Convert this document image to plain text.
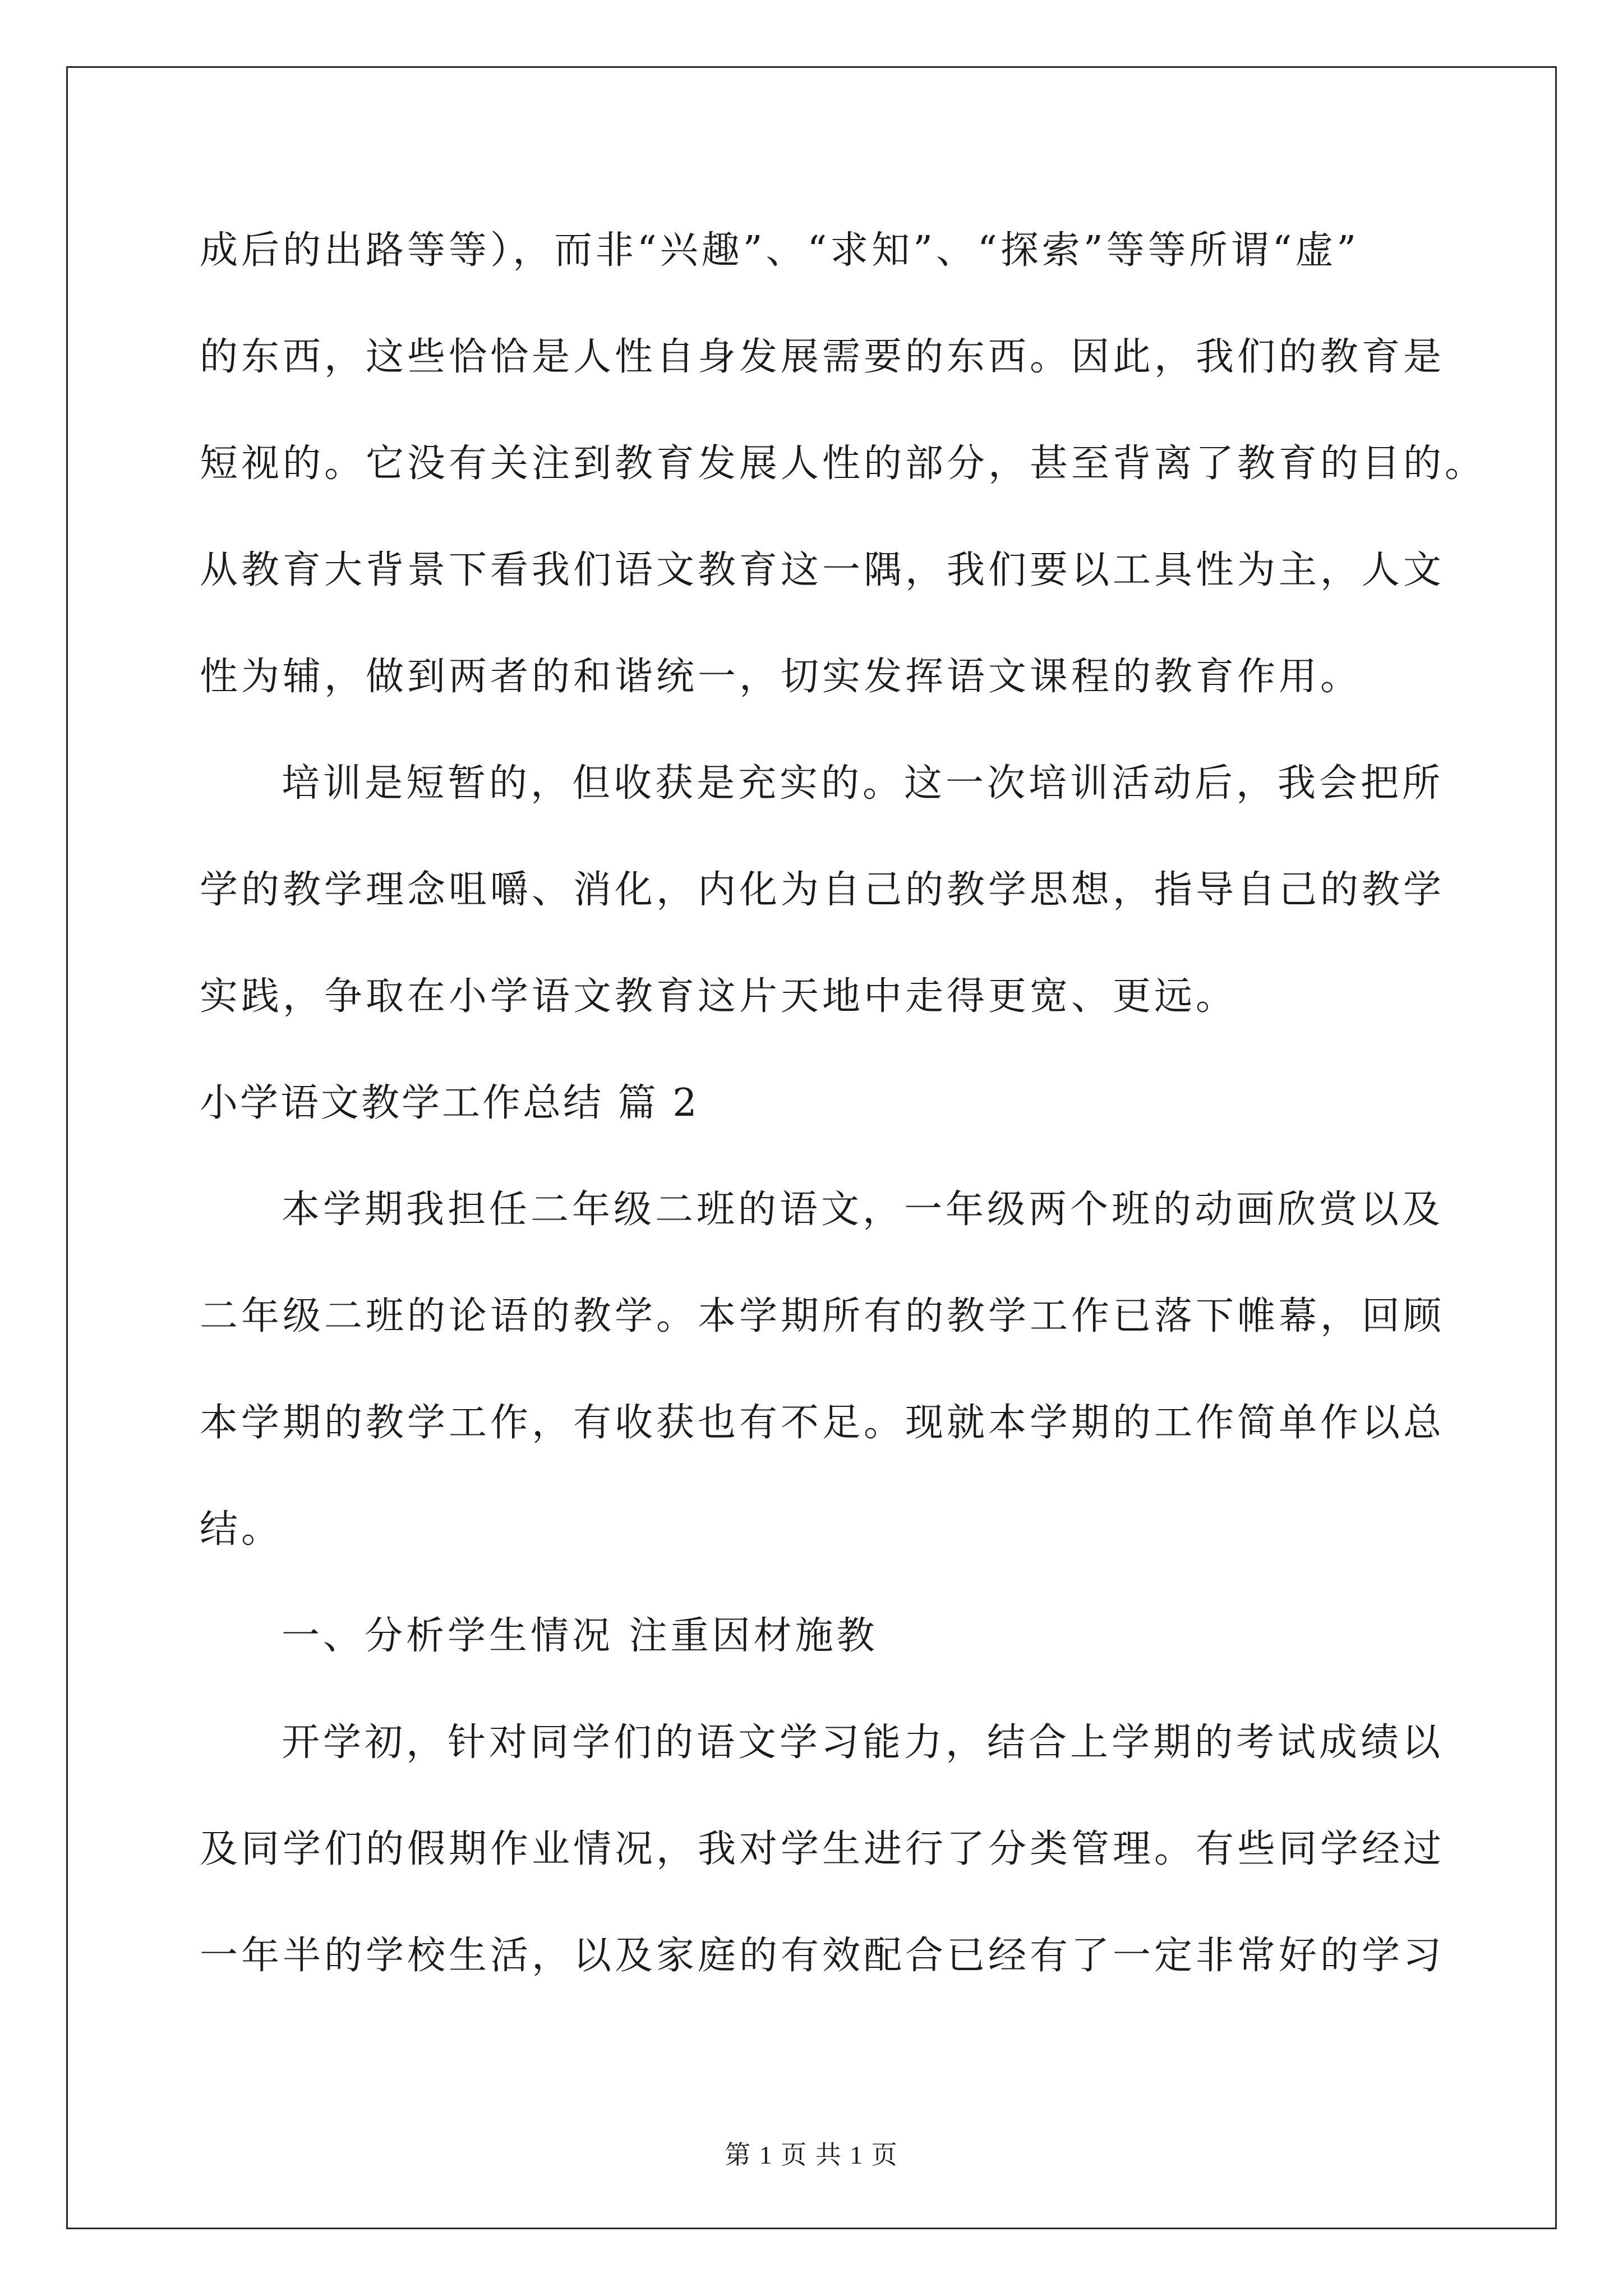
成后的出路等等），而非“兴趣”、“求知”、“探索”等等所谓“虚”
的东西，这些恰恰是人性自身发展需要的东西。因此，我们的教育是
短视的。它没有关注到教育发展人性的部分，甚至背离了教育的目的。
从教育大背景下看我们语文教育这一隅，我们要以工具性为主，人文
性为辅，做到两者的和谐统一，切实发挥语文课程的教育作用。
培训是短暂的，但收获是充实的。这一次培训活动后，我会把所
学的教学理念咀嚼、消化，内化为自己的教学思想，指导自己的教学
实践，争取在小学语文教育这片天地中走得更宽、更远。
小学语文教学工作总结 篇 2
本学期我担任二年级二班的语文，一年级两个班的动画欣赏以及
二年级二班的论语的教学。本学期所有的教学工作已落下帷幕，回顾
本学期的教学工作，有收获也有不足。现就本学期的工作简单作以总
结。
一、分析学生情况 注重因材施教
开学初，针对同学们的语文学习能力，结合上学期的考试成绩以
及同学们的假期作业情况，我对学生进行了分类管理。有些同学经过
一年半的学校生活，以及家庭的有效配合已经有了一定非常好的学习
第 1 页 共 1 页
